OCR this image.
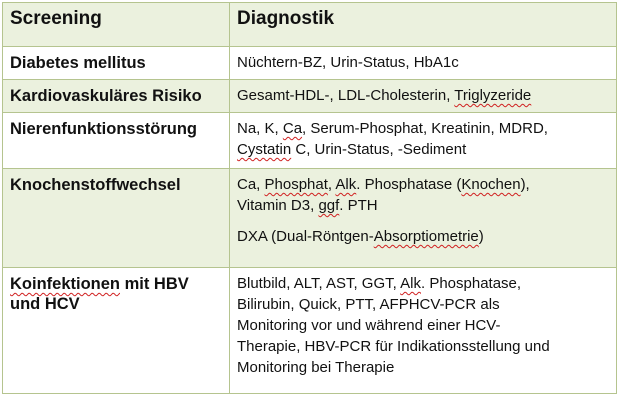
Screening	Diagnostik
Diabetes mellitus	Nüchtern-BZ, Urin-Status, HbA1c
Kardiovaskuläres Risiko	Gesamt-HDL-, LDL-Cholesterin, Triglyzeride
Nierenfunktionsstörung	Na, K, Ca, Serum-Phosphat, Kreatinin, MDRD,
Cystatin C, Urin-Status, -Sediment

Knochenstoffwechsel	Ca, Phosphat, Alk. Phosphatase (Knochen),
Vitamin D3, ggf. PTH
DXA (Dual-Röntgen-Absorptiometrie)

Koinfektionen mit HBV
und HCV	Blutbild, ALT, AST, GGT, Alk. Phosphatase,
Bilirubin, Quick, PTT, AFPHCV-PCR als
Monitoring vor und während einer HCV-
Therapie, HBV-PCR für Indikationsstellung und
Monitoring bei Therapie
